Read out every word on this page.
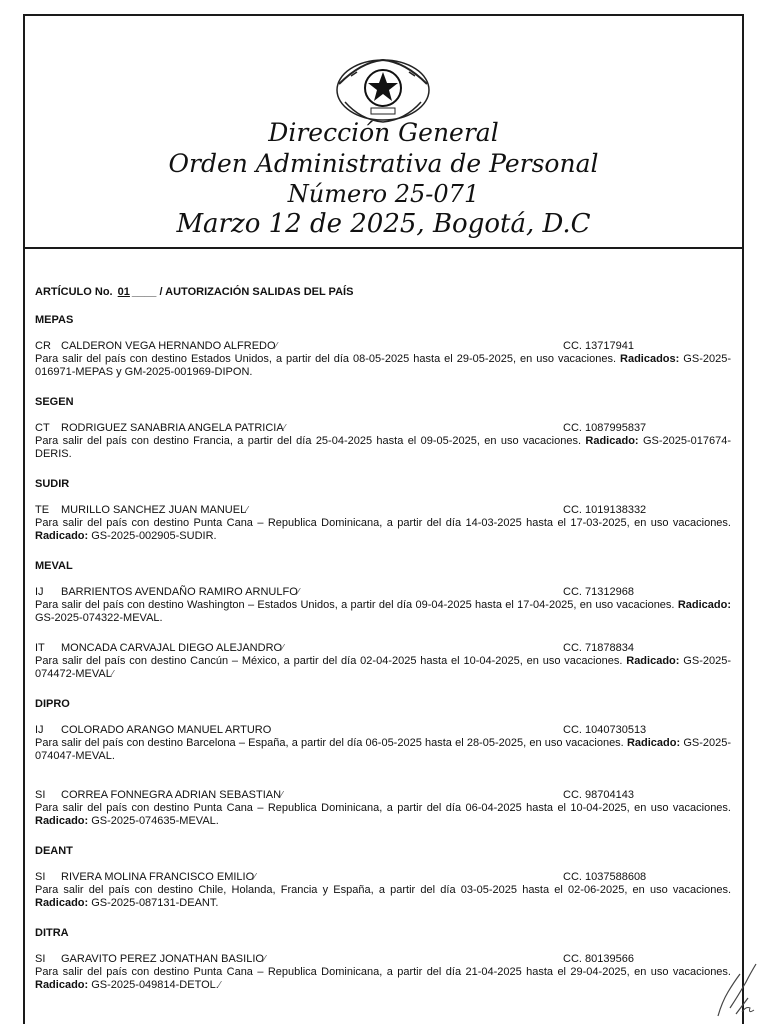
Dirección General
Orden Administrativa de Personal
Número 25-071
Marzo 12 de 2025, Bogotá, D.C
ARTÍCULO No. 01 ____ / AUTORIZACIÓN SALIDAS DEL PAÍS
MEPAS
CR CALDERON VEGA HERNANDO ALFREDO⁄	CC. 13717941
Para salir del país con destino Estados Unidos, a partir del día 08-05-2025 hasta el 29-05-2025, en uso vacaciones. Radicados: GS-2025-016971-MEPAS y GM-2025-001969-DIPON.
SEGEN
CT RODRIGUEZ SANABRIA ANGELA PATRICIA⁄	CC. 1087995837
Para salir del país con destino Francia, a partir del día 25-04-2025 hasta el 09-05-2025, en uso vacaciones. Radicado: GS-2025-017674-DERIS.
SUDIR
TE MURILLO SANCHEZ JUAN MANUEL⁄	CC. 1019138332
Para salir del país con destino Punta Cana – Republica Dominicana, a partir del día 14-03-2025 hasta el 17-03-2025, en uso vacaciones. Radicado: GS-2025-002905-SUDIR.
MEVAL
IJ BARRIENTOS AVENDAÑO RAMIRO ARNULFO⁄	CC. 71312968
Para salir del país con destino Washington – Estados Unidos, a partir del día 09-04-2025 hasta el 17-04-2025, en uso vacaciones. Radicado: GS-2025-074322-MEVAL.
IT MONCADA CARVAJAL DIEGO ALEJANDRO⁄	CC. 71878834
Para salir del país con destino Cancún – México, a partir del día 02-04-2025 hasta el 10-04-2025, en uso vacaciones. Radicado: GS-2025-074472-MEVAL⁄
DIPRO
IJ COLORADO ARANGO MANUEL ARTURO	CC. 1040730513
Para salir del país con destino Barcelona – España, a partir del día 06-05-2025 hasta el 28-05-2025, en uso vacaciones. Radicado: GS-2025-074047-MEVAL.
SI CORREA FONNEGRA ADRIAN SEBASTIAN⁄	CC. 98704143
Para salir del país con destino Punta Cana – Republica Dominicana, a partir del día 06-04-2025 hasta el 10-04-2025, en uso vacaciones. Radicado: GS-2025-074635-MEVAL.
DEANT
SI RIVERA MOLINA FRANCISCO EMILIO⁄	CC. 1037588608
Para salir del país con destino Chile, Holanda, Francia y España, a partir del día 03-05-2025 hasta el 02-06-2025, en uso vacaciones. Radicado: GS-2025-087131-DEANT.
DITRA
SI GARAVITO PEREZ JONATHAN BASILIO⁄	CC. 80139566
Para salir del país con destino Punta Cana – Republica Dominicana, a partir del día 21-04-2025 hasta el 29-04-2025, en uso vacaciones. Radicado: GS-2025-049814-DETOL.⁄
